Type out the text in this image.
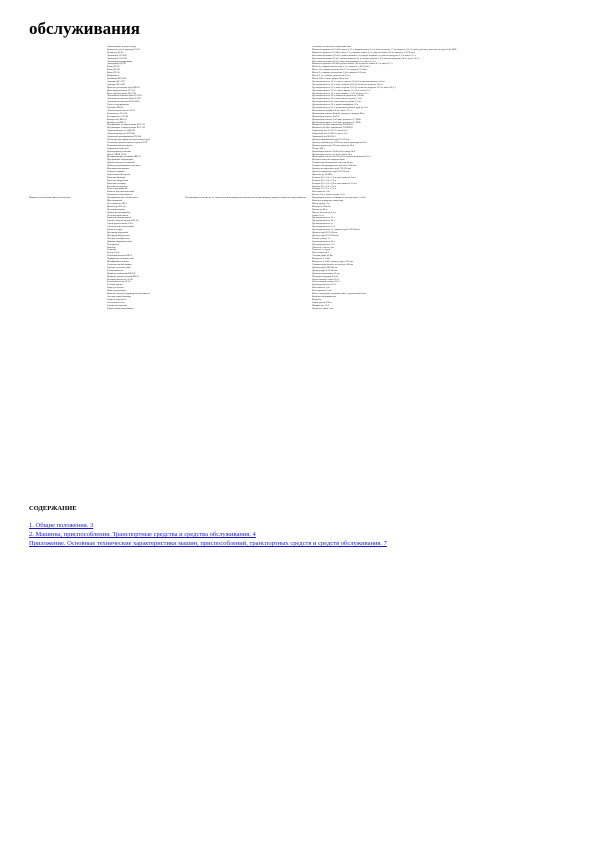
обслуживания
	Наименование и модель (тип)		Основные технические характеристики
	Бульдозер на базе трактора Т-130		Мощность двигателя 118 кВт; масса 14,7 т; ширина отвала 3,2 м; высота отвала 1,3 м; скорость 3,6-11,4 км/ч; удельное давление на грунт 0,05 МПа
	Бульдозер ДЗ-42		Мощность двигателя 55 кВт; масса 7,2 т; ширина отвала 2,5 м; высота отвала 0,8 м; скорость 3,5-8,9 км/ч
	Экскаватор ЭО-2621		Вместимость ковша 0,25 м3; глубина копания 3 м; радиус копания 5 м; высота выгрузки 2,2 м; масса 5,3 т
	Экскаватор ЭО-3322		Вместимость ковша 0,5 м3; глубина копания 4,2 м; радиус копания 7,5 м; высота выгрузки 4,8 м; масса 14,5 т
	Экскаватор-планировщик		Вместимость ковша 0,4 м3; длина планировки 6,5 м; масса 13,0 т
	Автогрейдер ДЗ-99		Мощность двигателя 66 кВт; длина отвала 3,04 м; высота отвала 0,5 м; масса 9,7 т
	Каток ДУ-47		Масса 8 т; ширина уплотнения 1,7 м; скорость 1,8-9,6 км/ч
	Каток ДУ-48		Масса 10 т; ширина уплотнения 1,7 м; скорость 2-9 км/ч
	Каток ДУ-50		Масса 6 т; ширина уплотнения 1,4 м; скорость 2-8 км/ч
	Виброплита		Масса 0,1 т; глубина уплотнения 0,3 м
	Трамбовка ИЭ-4502		Масса 0,08 т; число ударов 500 в мин
	Автокран КС-3577		Грузоподъемность 12,5 т; вылет стрелы 3,0-14,0 м; высота подъема 14,0 м
	Автокран КС-4561		Грузоподъемность 16 т; вылет стрелы 4,0-18,0 м; высота подъема 18,0 м
	Кран на гусеничном ходу РДК-25		Грузоподъемность 25 т; вылет стрелы 5,0-23,0 м; высота подъема 23,0 м; масса 38,5 т
	Кран-трубоукладчик ТГ-124		Грузоподъемность 12,5 т; вылет крюка 1,2-5,0 м; масса 22 т
	Кран-трубоукладчик ТО-1224		Грузоподъемность 12 т; вылет крюка 1,3-4,5 м; масса 21 т
	Автомобиль бортовой КамАЗ-53212		Грузоподъемность 10 т; мощность двигателя 154 кВт
	Автомобиль-самосвал КамАЗ-5511		Грузоподъемность 10 т; вместимость кузова 7,2 м3
	Автомобиль-самосвал МАЗ-5549		Грузоподъемность 8 т; вместимость кузова 5,1 м3
	Тягач с полуприцепом		Грузоподъемность 20 т; длина платформы 12 м
	Трубовоз ПВ-94		Грузоподъемность 12 т; длина перевозимых труб до 12 м
	Автобетоносмеситель СБ-92		Вместимость барабана 4 м3; масса 13,5 т
	Бетононасос СБ-126		Производительность 40 м3/ч; дальность подачи 300 м
	Растворонасос СО-49		Производительность 6 м3/ч
	Компрессор ЗИФ-55		Производительность 5 м3/мин; давление 0,7 МПа
	Компрессор ПКС-5		Производительность 5 м3/мин; давление 0,7 МПа
	Передвижная электростанция ЖЭС-30		Мощность 30 кВт; напряжение 230/400 В
	Передвижная электростанция ЖЭС-60		Мощность 60 кВт; напряжение 230/400 В
	Сварочный агрегат АДД-305		Сварочный ток 75-315 А; масса 0,9 т
	Сварочный агрегат АСБ-300		Сварочный ток 75-300 А; масса 1,0 т
	Сварочный трансформатор ТД-500		Сварочный ток 90-560 А
	Установка для сварки полиэтиленовых труб		Диаметр свариваемых труб 63-315 мм
	Установка горизонтального бурения УГБ		Диаметр скважины до 1020 мм; длина проходки до 60 м
	Установка прокола грунта		Диаметр прокола до 325 мм; длина до 40 м
	Гидравлический пресс		Усилие 100 т
	Водоотливная установка		Производительность 20-40 м3/ч; напор 20 м
	Насос ГНОМ 25-20		Производительность 25 м3/ч; напор 20 м
	Иглофильтровая установка ЛИУ-6		Производительность 60-120 м3/ч; глубина понижения 4-5 м
	Передвижная лаборатория		Контроль качества сварных швов
	Дефектоскоп рентгеновский		Толщина просвечиваемой стали до 40 мм
	Прибор ультразвукового контроля		Толщина контролируемого металла 2-200 мм
	Изоляционная машина		Диаметр изолируемых труб 219-530 мм
	Очистная машина		Диаметр очищаемых труб 219-530 мм
	Опрессовочный агрегат		Давление до 10 МПа
	Вагончик бытовой		Размеры 6,0 х 2,4 х 2,5 м; вместимость 8 чел.
	Вагончик-прорабская		Размеры 6,0 х 2,4 х 2,5 м
	Вагончик-столовая		Размеры 9,0 х 3,0 х 2,8 м; вместимость 12 чел.
	Контейнер-кладовая		Размеры 6,0 х 2,4 х 2,5 м
	Туалет передвижной		Размеры 1,2 х 1,2 х 2,3 м
	Емкость для питьевой воды		Вместимость 2 м3
	Ограждение инвентарное		Высота 2,0 м; длина секции 2,0 м
Машины и механизмы общего назначения	Передвижной пост мойки колес	Устанавливается на выезде со строительной площадки для очистки колес транспортных средств; оборотное водоснабжение	Производительность 10 машин/ч; расход воды 1,5 м3/ч
	Щит пожарный		Комплект пожарного инвентаря
	Огнетушитель ОП-5		Масса заряда 5 кг
	Прожектор ПЗС-45		Мощность 1000 Вт
	Леса инвентарные		Высота до 40 м
	Подмости передвижные		Высота настила до 4,5 м
	Лестница приставная		Длина 3-6 м
	Траверса универсальная		Грузоподъемность 16 т
	Строп четырехветвевой 4СК-10		Грузоподъемность 10 т
	Строп двухветвевой 2СК-5		Грузоподъемность 5 т
	Строп мягкий текстильный		Грузоподъемность 2-5 т
	Захват для труб		Грузоподъемность 5 т; диаметр труб 219-530 мм
	Центратор наружный		Диаметр труб 219-530 мм
	Центратор внутренний		Диаметр труб 325-1020 мм
	Лебедка электрическая		Тяговое усилие 3 т
	Домкрат гидравлический		Грузоподъемность 20 т
	Таль ручная		Грузоподъемность 3,2 т
	Нивелир		Точность 2 мм на 1 км
	Теодолит		Точность 5 секунд
	Рулетка 50 м		Класс точности 3
	Отбойный молоток МО-2		Энергия удара 30 Дж
	Перфоратор электрический		Мощность 1,5 кВт
	Шлифмашина угловая		Мощность 2,2 кВт; диаметр круга 230 мм
	Газорезательный аппарат		Толщина разрезаемого металла до 300 мм
	Труборез механический		Диаметр труб 108-530 мм
	Фаскосниматель		Диаметр труб 159-530 мм
	Вибратор глубинный ИВ-102		Диаметр наконечника 51 мм
	Вибратор поверхностный ИВ-91		Площадь площадки 0,3 м2
	Растворосмеситель СО-46		Объем готового замеса 65 л
	Бетоносмеситель СБ-30		Объем готового замеса 165 л
	Тележка ручная		Грузоподъемность 0,25 т
	Бадья для бетона		Вместимость 1 м3
	Ящик для раствора		Вместимость 0,5 м3
	Комплект средств индивидуальной защиты		Каска, спецодежда, перчатки, очки, страховочный пояс
	Аптечка первой помощи		Комплект медикаментов
	Знаки безопасности		Комплект
	Сигнальная лента		Длина рулона 250 м
	Фонарь сигнальный		Напряжение 12 В
	Радиостанция портативная		Дальность связи 5 км
СОДЕРЖАНИЕ
1. Общие положения. 3
2. Машины, приспособления. Транспортные средства и средства обслуживания. 4
Приложение. Основные технические характеристики машин, приспособлений, транспортных средств и средств обслуживания. 7
